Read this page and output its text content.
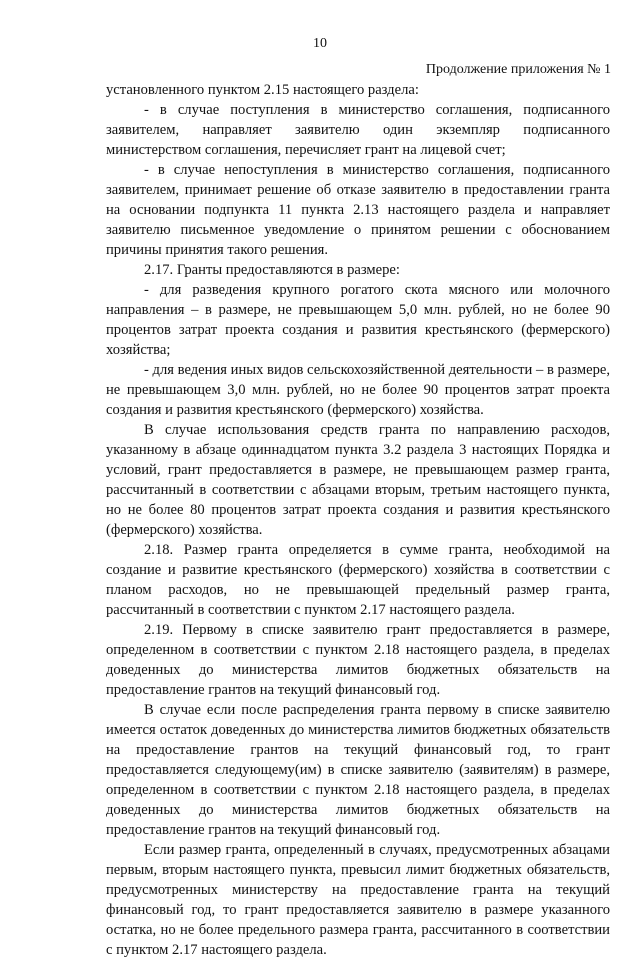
10
Продолжение приложения № 1

установленного пунктом 2.15 настоящего раздела:

- в случае поступления в министерство соглашения, подписанного заявителем, направляет заявителю один экземпляр подписанного министерством соглашения, перечисляет грант на лицевой счет;

- в случае непоступления в министерство соглашения, подписанного заявителем, принимает решение об отказе заявителю в предоставлении гранта на основании подпункта 11 пункта 2.13 настоящего раздела и направляет заявителю письменное уведомление о принятом решении с обоснованием причины принятия такого решения.

2.17. Гранты предоставляются в размере:

- для разведения крупного рогатого скота мясного или молочного направления – в размере, не превышающем 5,0 млн. рублей, но не более 90 процентов затрат проекта создания и развития крестьянского (фермерского) хозяйства;

- для ведения иных видов сельскохозяйственной деятельности – в размере, не превышающем 3,0 млн. рублей, но не более 90 процентов затрат проекта создания и развития крестьянского (фермерского) хозяйства.

В случае использования средств гранта по направлению расходов, указанному в абзаце одиннадцатом пункта 3.2 раздела 3 настоящих Порядка и условий, грант предоставляется в размере, не превышающем размер гранта, рассчитанный в соответствии с абзацами вторым, третьим настоящего пункта, но не более 80 процентов затрат проекта создания и развития крестьянского (фермерского) хозяйства.

2.18. Размер гранта определяется в сумме гранта, необходимой на создание и развитие крестьянского (фермерского) хозяйства в соответствии с планом расходов, но не превышающей предельный размер гранта, рассчитанный в соответствии с пунктом 2.17 настоящего раздела.

2.19. Первому в списке заявителю грант предоставляется в размере, определенном в соответствии с пунктом 2.18 настоящего раздела, в пределах доведенных до министерства лимитов бюджетных обязательств на предоставление грантов на текущий финансовый год.

В случае если после распределения гранта первому в списке заявителю имеется остаток доведенных до министерства лимитов бюджетных обязательств на предоставление грантов на текущий финансовый год, то грант предоставляется следующему(им) в списке заявителю (заявителям) в размере, определенном в соответствии с пунктом 2.18 настоящего раздела, в пределах доведенных до министерства лимитов бюджетных обязательств на предоставление грантов на текущий финансовый год.

Если размер гранта, определенный в случаях, предусмотренных абзацами первым, вторым настоящего пункта, превысил лимит бюджетных обязательств, предусмотренных министерству на предоставление гранта на текущий финансовый год, то грант предоставляется заявителю в размере указанного остатка, но не более предельного размера гранта, рассчитанного в соответствии с пунктом 2.17 настоящего раздела.
